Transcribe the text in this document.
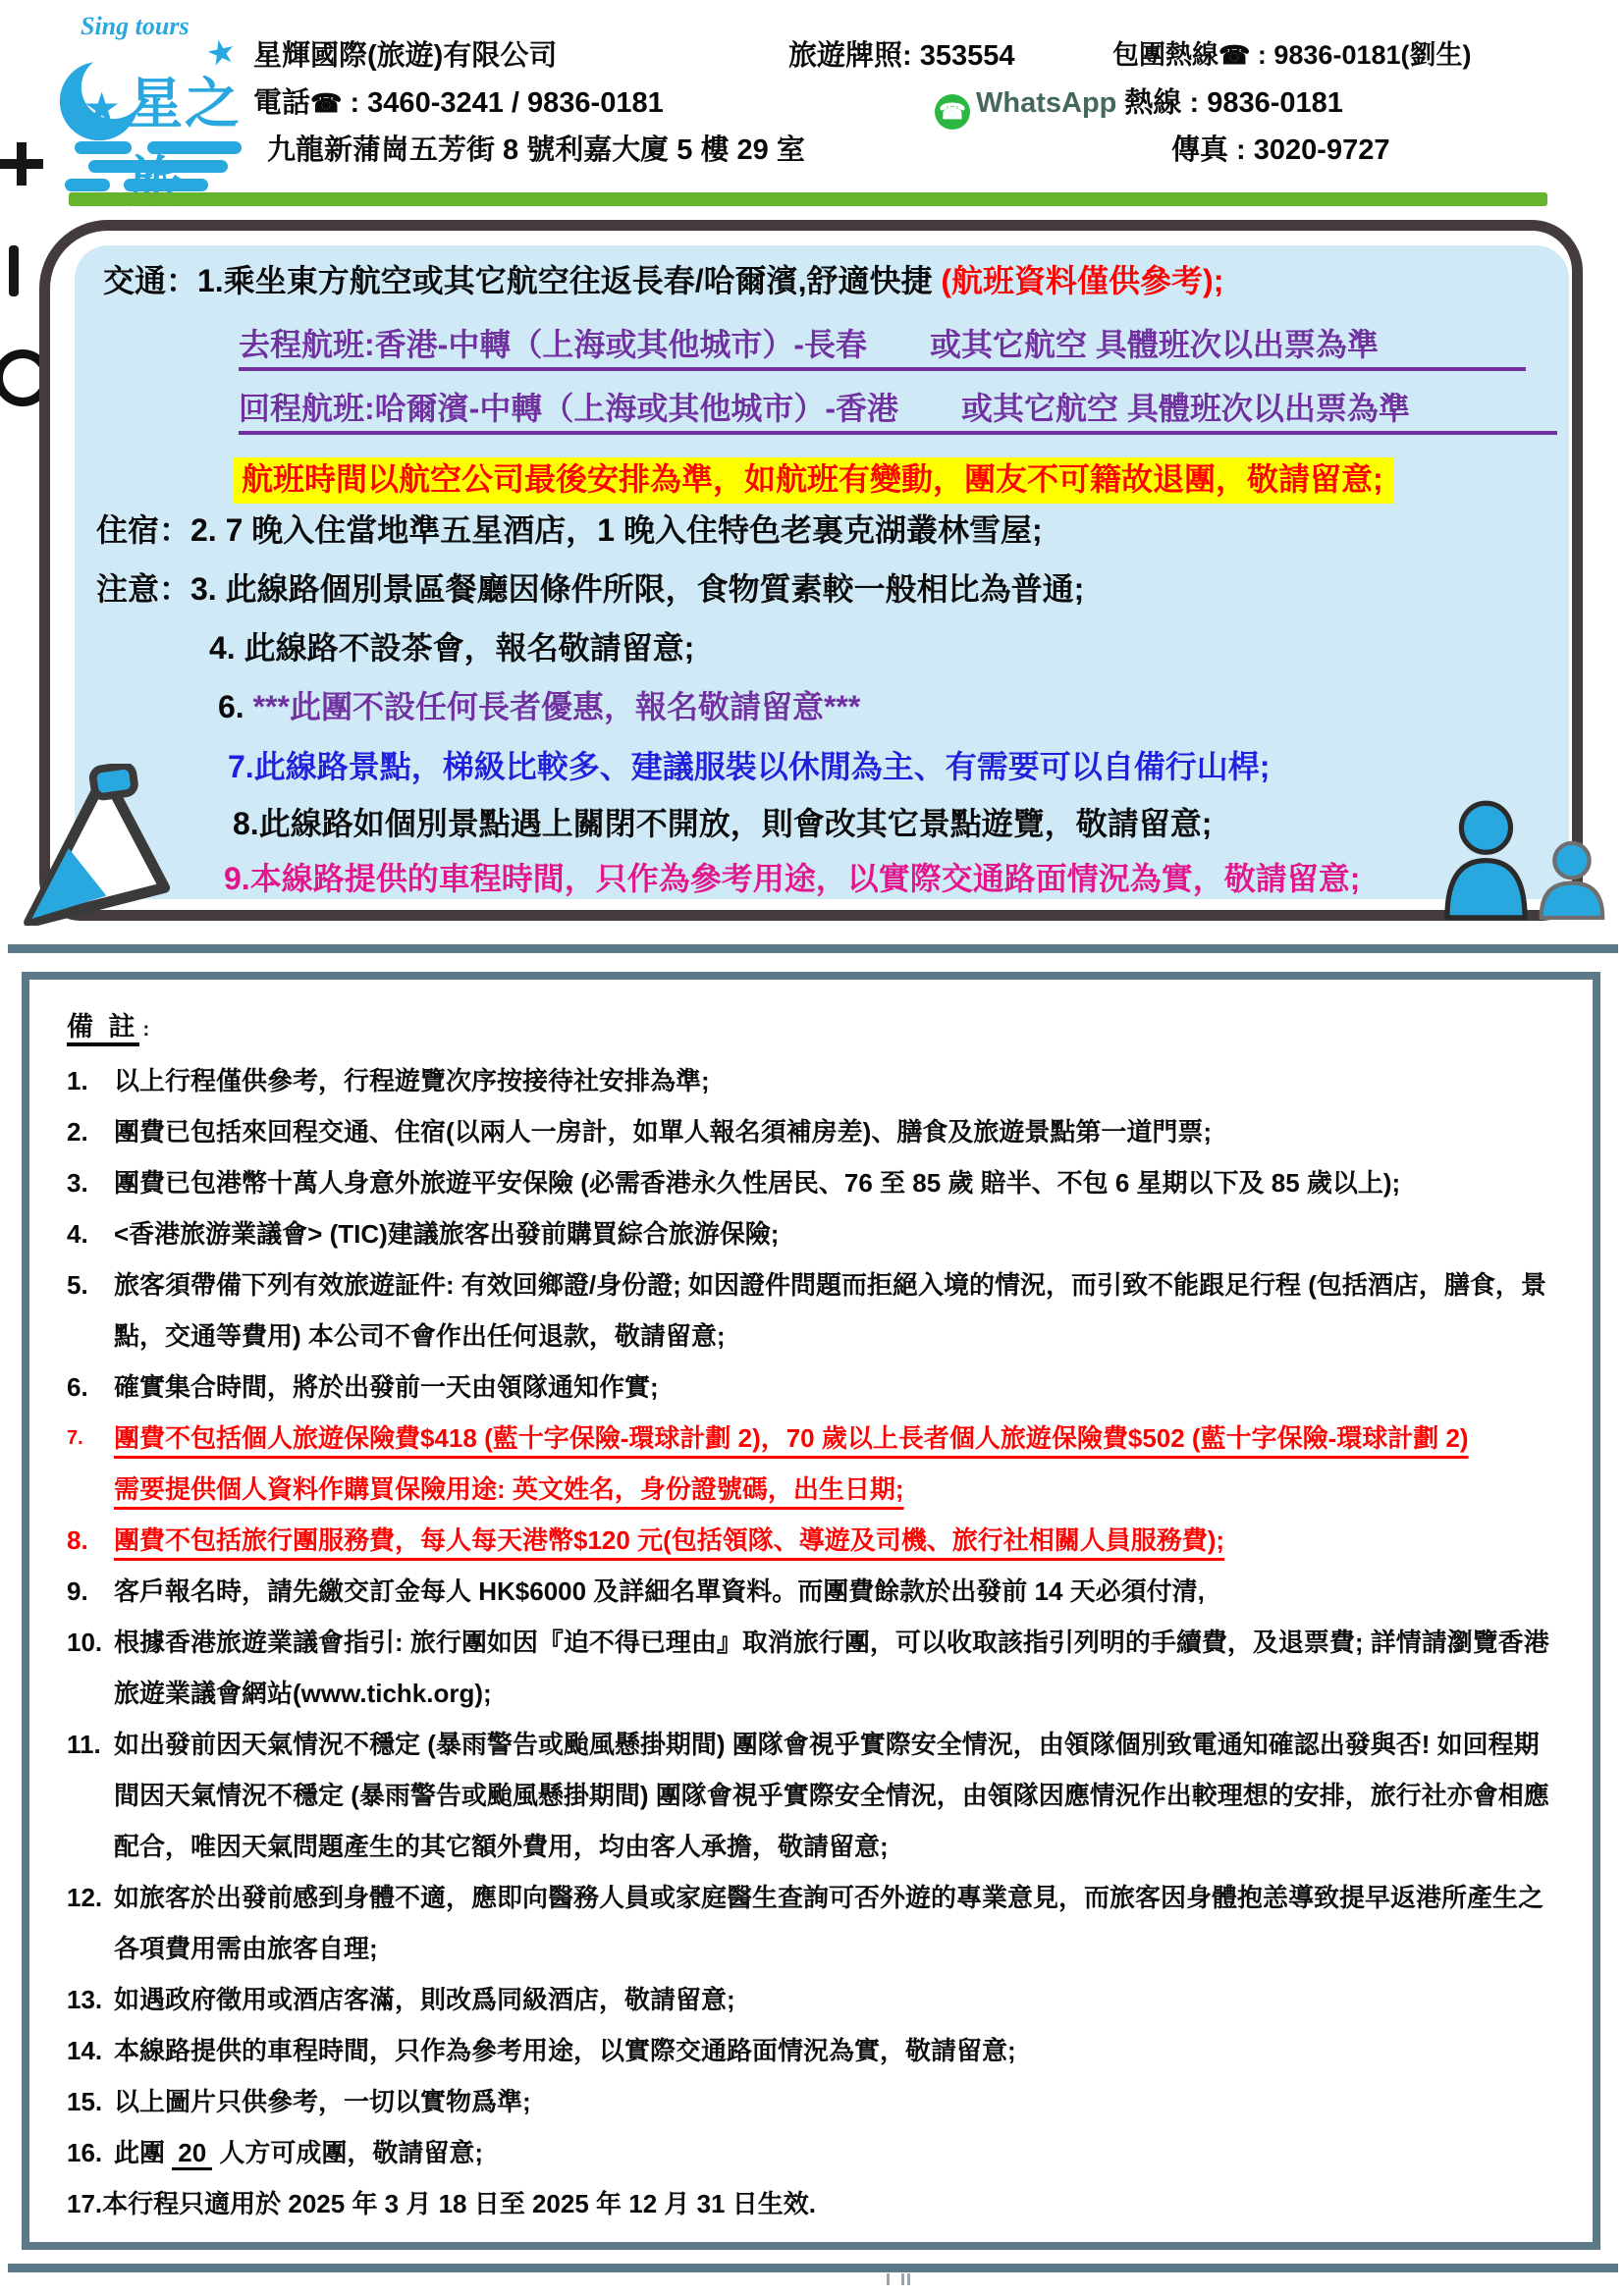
Sing tours
★
★ 星之
星輝國際(旅遊)有限公司	旅遊牌照: 353554	包團熱線☎ : 9836-0181(劉生)
電話☎ : 3460-3241 / 9836-0181	☎ WhatsApp 熱線 : 9836-0181
九龍新蒲崗五芳街 8 號利嘉大廈 5 樓 29 室	傳真 : 3020-9727
交通：1.乘坐東方航空或其它航空往返長春/哈爾濱,舒適快捷 (航班資料僅供參考);
去程航班:香港-中轉（上海或其他城市）-長春　　或其它航空 具體班次以出票為準
回程航班:哈爾濱-中轉（上海或其他城市）-香港　　或其它航空 具體班次以出票為準
航班時間以航空公司最後安排為準，如航班有變動，團友不可籍故退團，敬請留意;
住宿：2. 7 晚入住當地準五星酒店，1 晚入住特色老裏克湖叢林雪屋;
注意：3. 此線路個別景區餐廳因條件所限，食物質素較一般相比為普通;
4. 此線路不設茶會，報名敬請留意;
6. ***此團不設任何長者優惠，報名敬請留意***
7.此線路景點，梯級比較多、建議服裝以休閒為主、有需要可以自備行山桿;
8.此線路如個別景點遇上關閉不開放，則會改其它景點遊覽，敬請留意;
9.本線路提供的車程時間，只作為參考用途，以實際交通路面情況為實，敬請留意;
備 註 :
1.	以上行程僅供參考，行程遊覽次序按接待社安排為準;
2.	團費已包括來回程交通、住宿(以兩人一房計，如單人報名須補房差)、膳食及旅遊景點第一道門票;
3.	團費已包港幣十萬人身意外旅遊平安保險 (必需香港永久性居民、76 至 85 歲 賠半、不包 6 星期以下及 85 歲以上);
4.	<香港旅游業議會> (TIC)建議旅客出發前購買綜合旅游保險;
5.	旅客須帶備下列有效旅遊証件: 有效回鄉證/身份證; 如因證件問題而拒絕入境的情況，而引致不能跟足行程 (包括酒店，膳食，景點，交通等費用) 本公司不會作出任何退款，敬請留意;
6.	確實集合時間，將於出發前一天由領隊通知作實;
7.	團費不包括個人旅遊保險費$418 (藍十字保險-環球計劃 2)，70 歲以上長者個人旅遊保險費$502 (藍十字保險-環球計劃 2)
需要提供個人資料作購買保險用途: 英文姓名，身份證號碼，出生日期;
8.	團費不包括旅行團服務費，每人每天港幣$120 元(包括領隊、導遊及司機、旅行社相關人員服務費);
9.	客戶報名時，請先繳交訂金每人 HK$6000 及詳細名單資料。而團費餘款於出發前 14 天必須付清,
10. 根據香港旅遊業議會指引: 旅行團如因『迫不得已理由』取消旅行團，可以收取該指引列明的手續費，及退票費; 詳情請瀏覽香港旅遊業議會網站(www.tichk.org);
11. 如出發前因天氣情況不穩定 (暴雨警告或颱風懸掛期間) 團隊會視乎實際安全情況，由領隊個別致電通知確認出發與否! 如回程期間因天氣情況不穩定 (暴雨警告或颱風懸掛期間) 團隊會視乎實際安全情況，由領隊因應情況作出較理想的安排，旅行社亦會相應配合，唯因天氣問題產生的其它額外費用，均由客人承擔，敬請留意;
12. 如旅客於出發前感到身體不適，應即向醫務人員或家庭醫生查詢可否外遊的專業意見，而旅客因身體抱恙導致提早返港所產生之各項費用需由旅客自理;
13. 如遇政府徵用或酒店客滿，則改爲同級酒店，敬請留意;
14. 本線路提供的車程時間，只作為參考用途，以實際交通路面情況為實，敬請留意;
15. 以上圖片只供參考，一切以實物爲準;
16. 此團 20 人方可成團，敬請留意;
17.本行程只適用於 2025 年 3 月 18 日至 2025 年 12 月 31 日生效.
